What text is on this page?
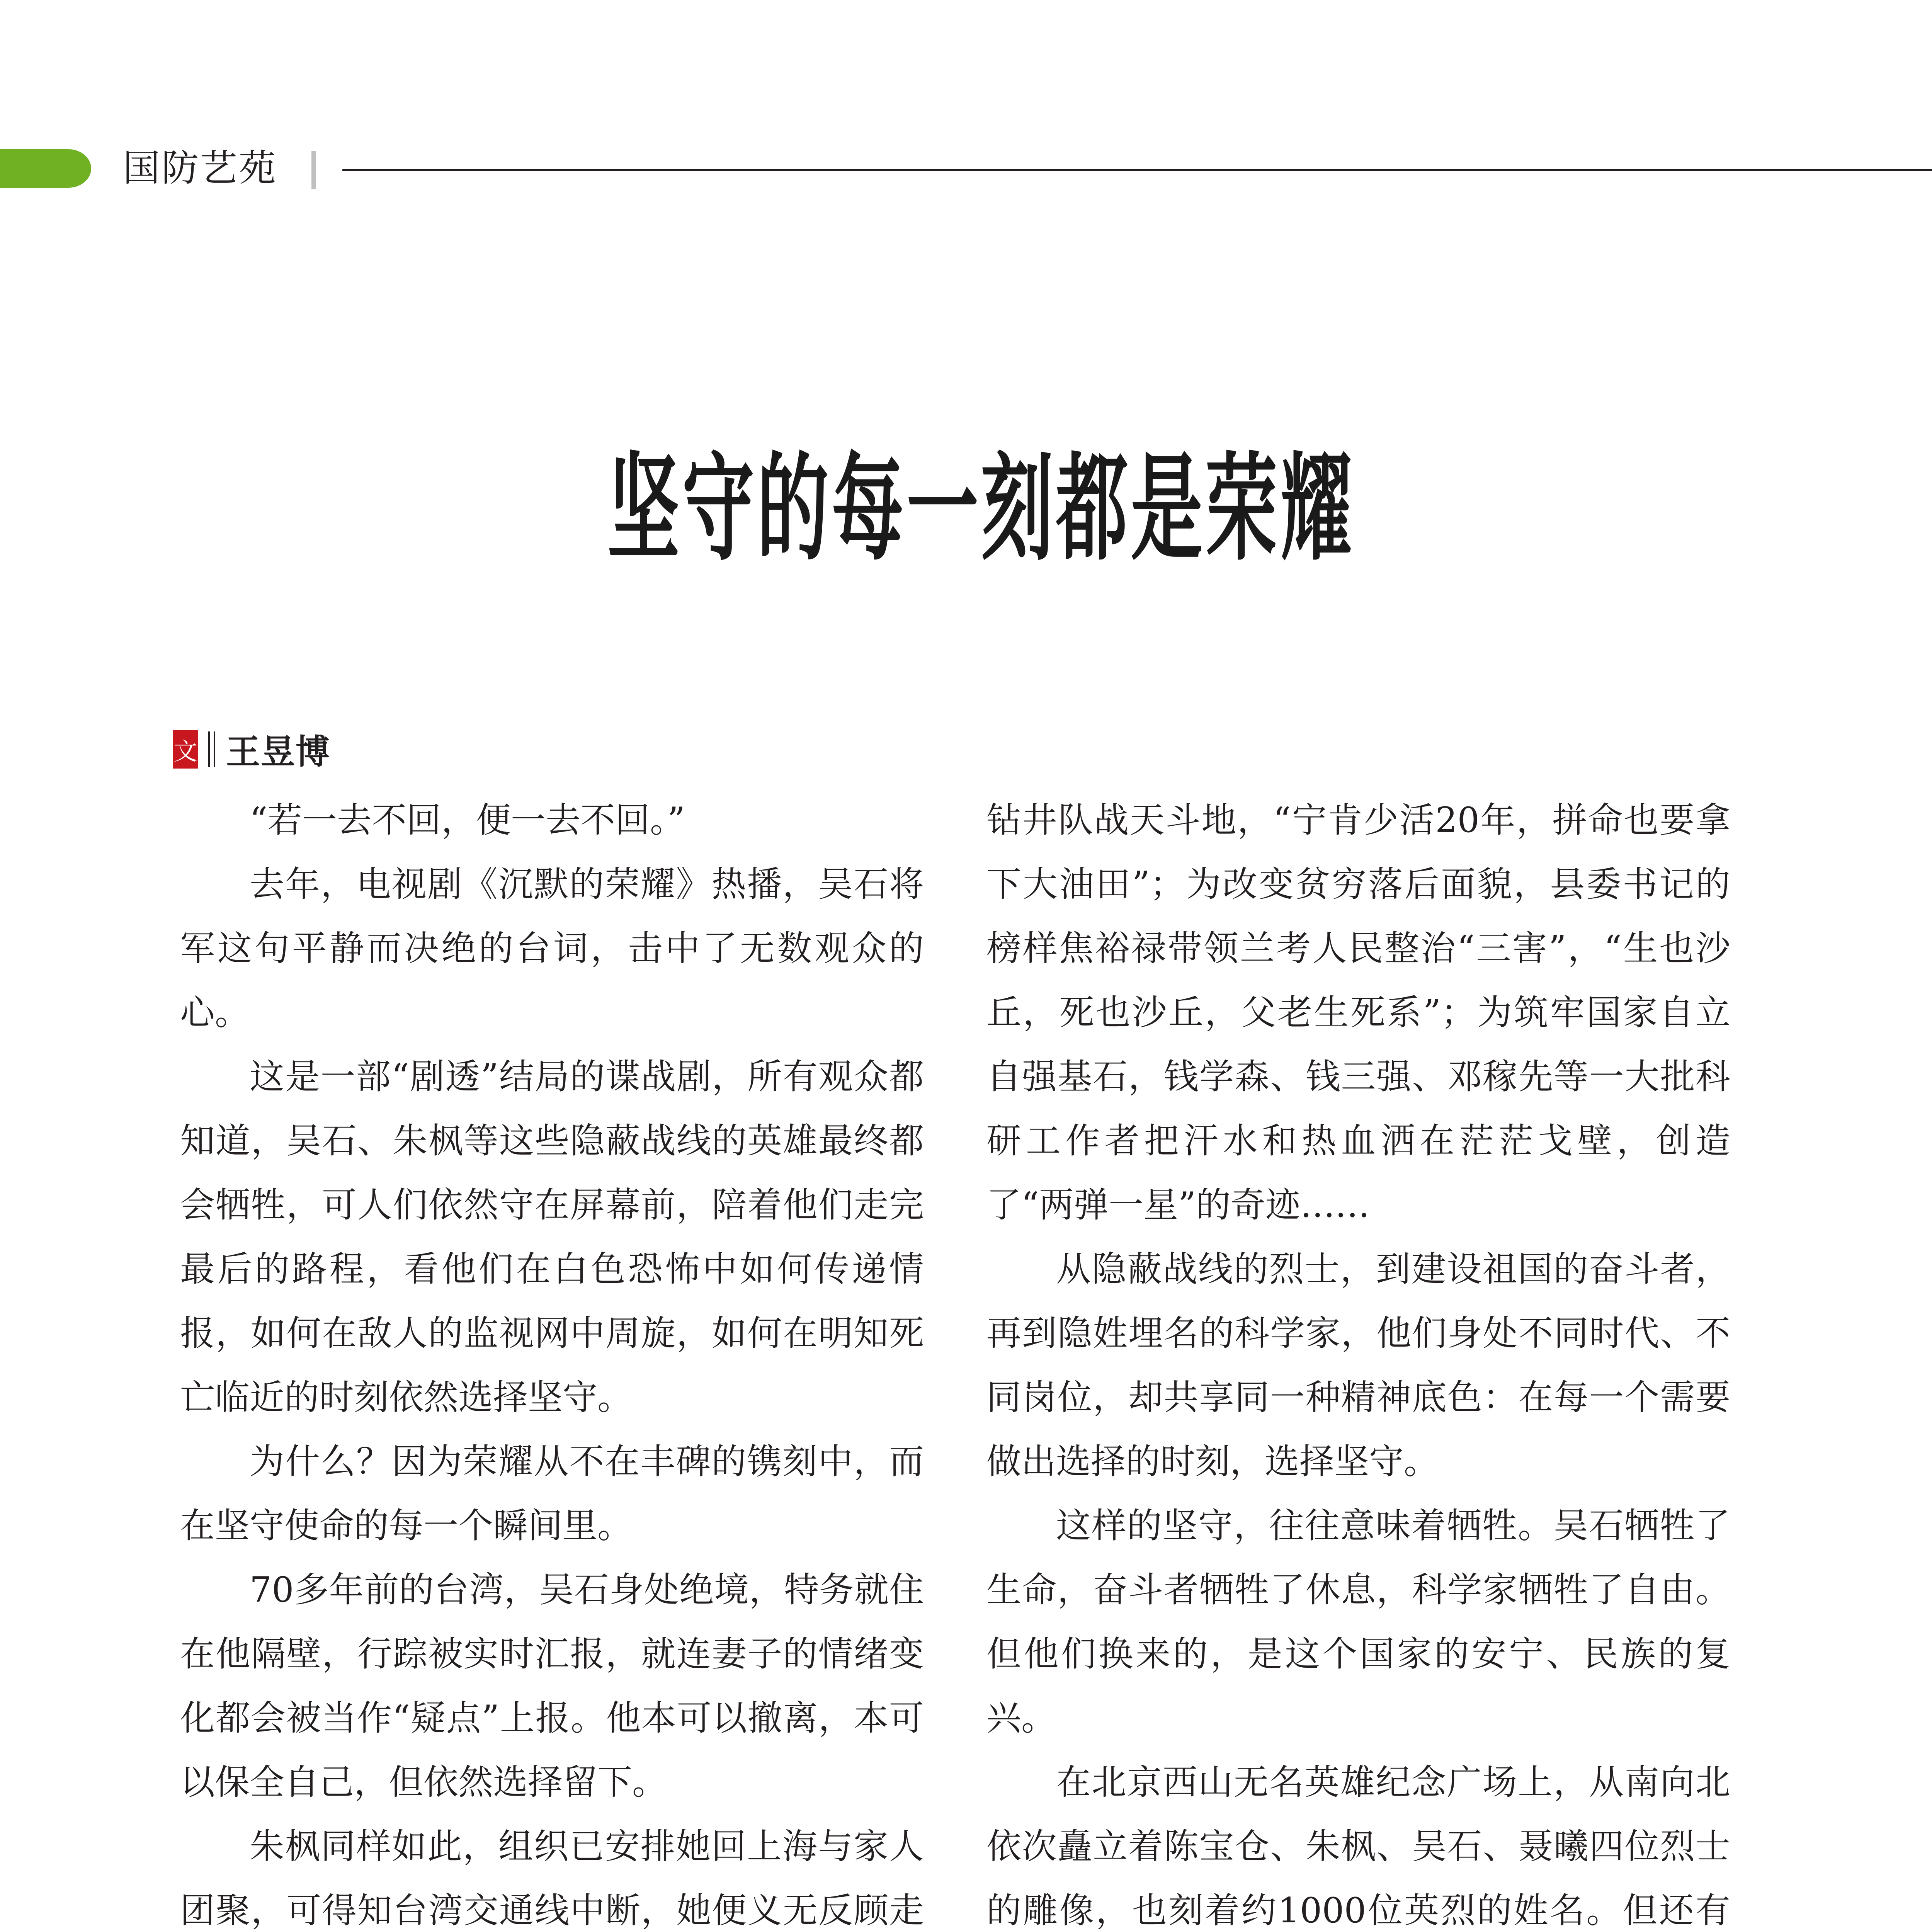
国防艺苑
坚守的每一刻都是荣耀
文 王昱博

“若一去不回，便一去不回。”

去年，电视剧《沉默的荣耀》热播，吴石将军这句平静而决绝的台词，击中了无数观众的心。

这是一部“剧透”结局的谍战剧，所有观众都知道，吴石、朱枫等这些隐蔽战线的英雄最终都会牺牲，可人们依然守在屏幕前，陪着他们走完最后的路程，看他们在白色恐怖中如何传递情报，如何在敌人的监视网中周旋，如何在明知死亡临近的时刻依然选择坚守。

为什么？因为荣耀从不在丰碑的镌刻中，而在坚守使命的每一个瞬间里。

70多年前的台湾，吴石身处绝境，特务就住在他隔壁，行踪被实时汇报，就连妻子的情绪变化都会被当作“疑点”上报。他本可以撤离，本可以保全自己，但依然选择留下。

朱枫同样如此，组织已安排她回上海与家人团聚，可得知台湾交通线中断，她便义无反顾走

钻井队战天斗地，“宁肯少活20年，拼命也要拿下大油田”；为改变贫穷落后面貌，县委书记的榜样焦裕禄带领兰考人民整治“三害”，“生也沙丘，死也沙丘，父老生死系”；为筑牢国家自立自强基石，钱学森、钱三强、邓稼先等一大批科研工作者把汗水和热血洒在茫茫戈壁，创造了“两弹一星”的奇迹……

从隐蔽战线的烈士，到建设祖国的奋斗者，再到隐姓埋名的科学家，他们身处不同时代、不同岗位，却共享同一种精神底色：在每一个需要做出选择的时刻，选择坚守。

这样的坚守，往往意味着牺牲。吴石牺牲了生命，奋斗者牺牲了休息，科学家牺牲了自由。但他们换来的，是这个国家的安宁、民族的复兴。

在北京西山无名英雄纪念广场上，从南向北依次矗立着陈宝仓、朱枫、吴石、聂曦四位烈士的雕像，也刻着约1000位英烈的姓名。但还有
